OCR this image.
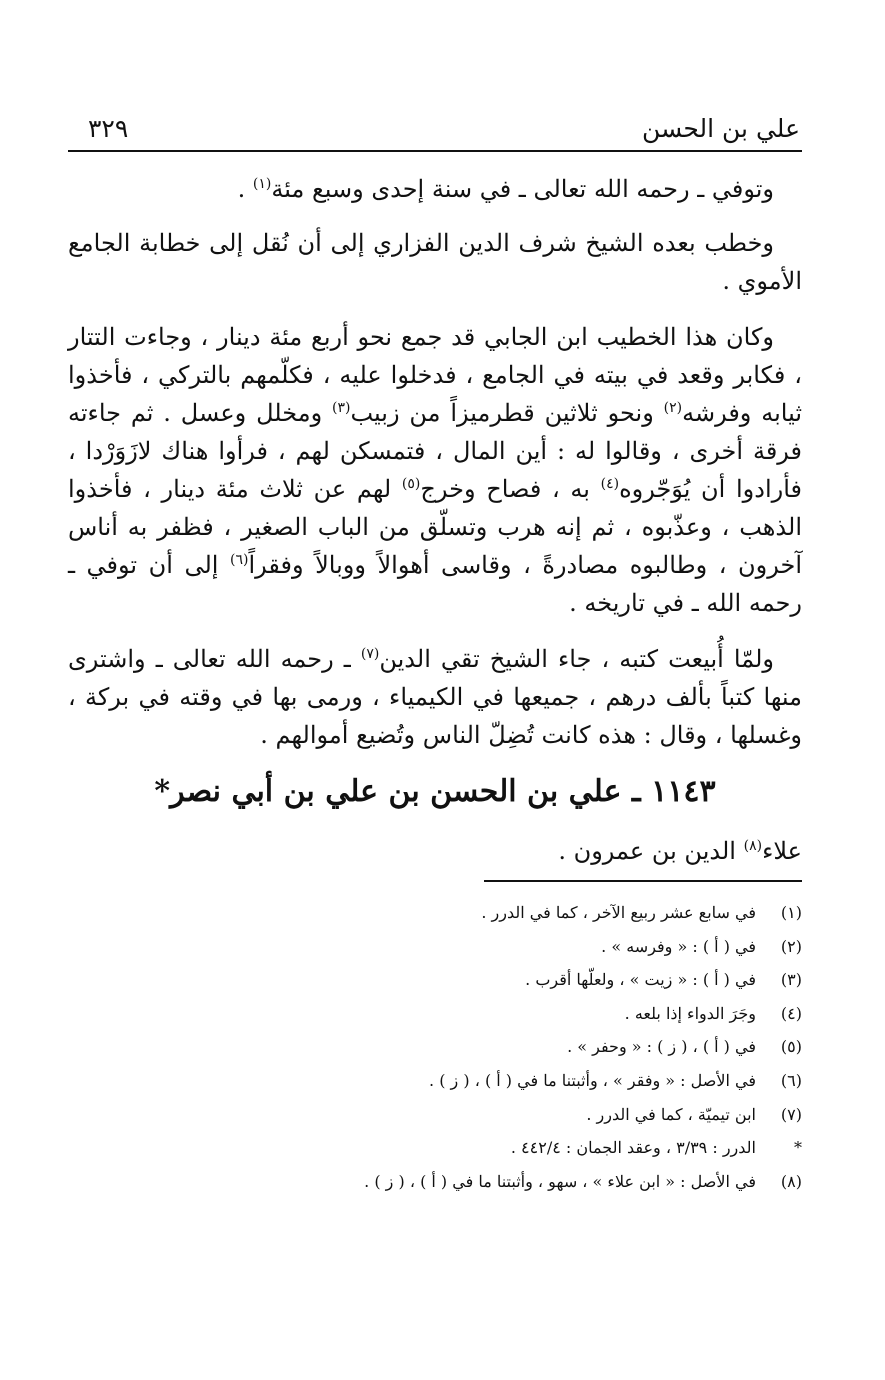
علي بن الحسن
٣٢٩

وتوفي ـ رحمه الله تعالى ـ في سنة إحدى وسبع مئة$^{(١)}$ .

وخطب بعده الشيخ شرف الدين الفزاري إلى أن نُقل إلى خطابة الجامع الأموي .

وكان هذا الخطيب ابن الجابي قد جمع نحو أربع مئة دينار ، وجاءت التتار ، فكابر وقعد في بيته في الجامع ، فدخلوا عليه ، فكلّمهم بالتركي ، فأخذوا ثيابه وفرشه$^{(٢)}$ ونحو ثلاثين قطرميزاً من زبيب$^{(٣)}$ ومخلل وعسل . ثم جاءته فرقة أخرى ، وقالوا له : أين المال ، فتمسكن لهم ، فرأوا هناك لازَوَرْدا ، فأرادوا أن يُوَجّروه$^{(٤)}$ به ، فصاح وخرج$^{(٥)}$ لهم عن ثلاث مئة دينار ، فأخذوا الذهب ، وعذّبوه ، ثم إنه هرب وتسلّق من الباب الصغير ، فظفر به أناس آخرون ، وطالبوه مصادرةً ، وقاسى أهوالاً ووبالاً وفقراً$^{(٦)}$ إلى أن توفي ـ رحمه الله ـ في تاريخه .

ولمّا أُبيعت كتبه ، جاء الشيخ تقي الدين$^{(٧)}$ ـ رحمه الله تعالى ـ واشترى منها كتباً بألف درهم ، جميعها في الكيمياء ، ورمى بها في وقته في بركة ، وغسلها ، وقال : هذه كانت تُضِلّ الناس وتُضيع أموالهم .

١١٤٣ ـ علي بن الحسن بن علي بن أبي نصر*
علاء$^{(٨)}$ الدين بن عمرون .
(١)
في سابع عشر ربيع الآخر ، كما في الدرر .
(٢)
في ( أ ) : « وفرسه » .
(٣)
في ( أ ) : « زيت » ، ولعلّها أقرب .
(٤)
وجَرَ الدواء إذا بلعه .
(٥)
في ( أ ) ، ( ز ) : « وحفر » .
(٦)
في الأصل : « وفقر » ، وأثبتنا ما في ( أ ) ، ( ز ) .
(٧)
ابن تيميّة ، كما في الدرر .
*
الدرر : ٣/٣٩ ، وعقد الجمان : ٤٤٢/٤ .
(٨)
في الأصل : « ابن علاء » ، سهو ، وأثبتنا ما في ( أ ) ، ( ز ) .
